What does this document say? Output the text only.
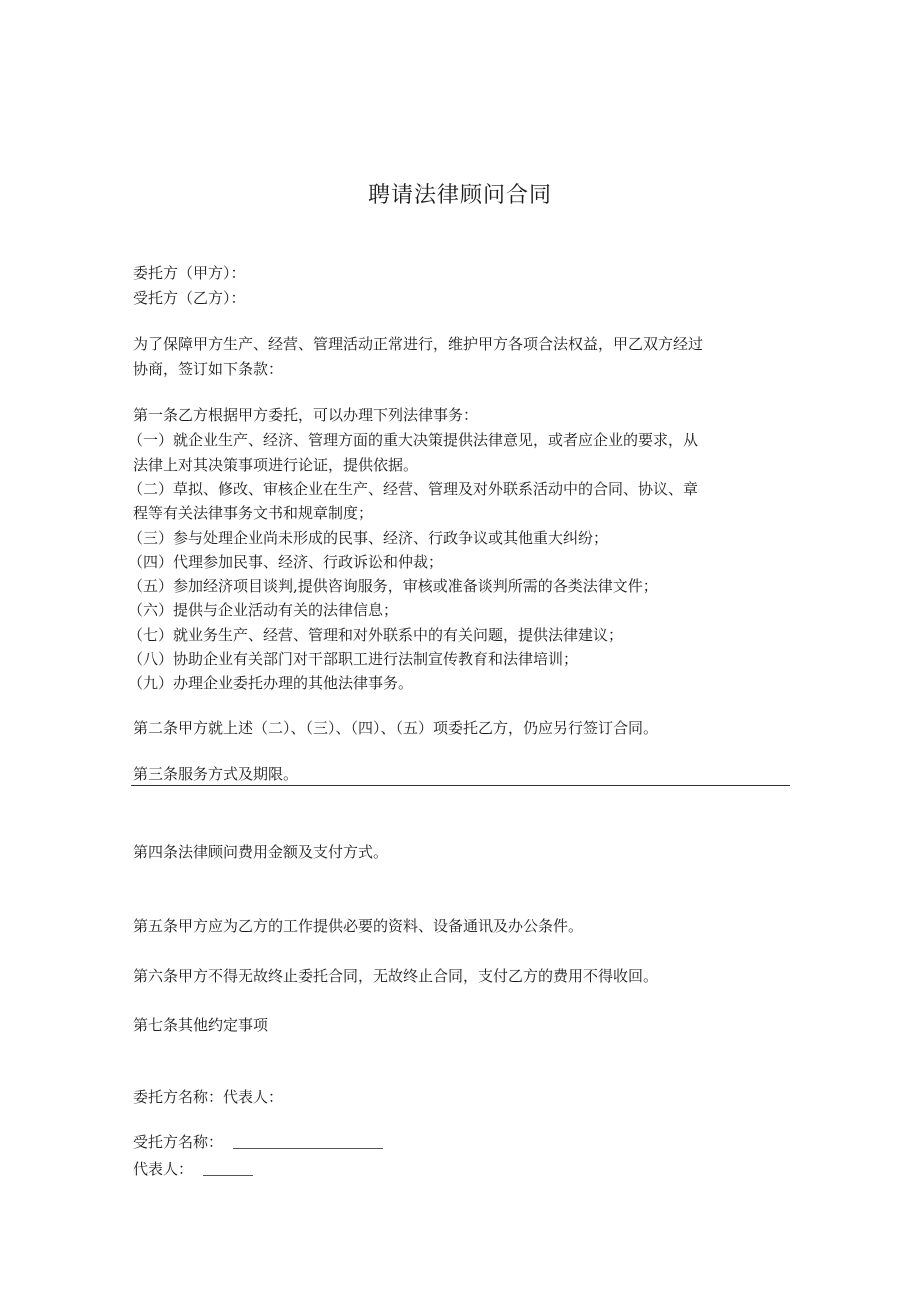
聘请法律顾问合同
委托方（甲方）：
受托方（乙方）：
为了保障甲方生产、经营、管理活动正常进行，维护甲方各项合法权益，甲乙双方经过
协商，签订如下条款：
第一条乙方根据甲方委托，可以办理下列法律事务：
（一）就企业生产、经济、管理方面的重大决策提供法律意见，或者应企业的要求，从
法律上对其决策事项进行论证，提供依据。
（二）草拟、修改、审核企业在生产、经营、管理及对外联系活动中的合同、协议、章
程等有关法律事务文书和规章制度；
（三）参与处理企业尚未形成的民事、经济、行政争议或其他重大纠纷；
（四）代理参加民事、经济、行政诉讼和仲裁；
（五）参加经济项目谈判,提供咨询服务，审核或准备谈判所需的各类法律文件；
（六）提供与企业活动有关的法律信息；
（七）就业务生产、经营、管理和对外联系中的有关问题，提供法律建议；
（八）协助企业有关部门对干部职工进行法制宣传教育和法律培训；
（九）办理企业委托办理的其他法律事务。
第二条甲方就上述（二）、（三）、（四）、（五）项委托乙方，仍应另行签订合同。
第三条服务方式及期限。
第四条法律顾问费用金额及支付方式。
第五条甲方应为乙方的工作提供必要的资料、设备通讯及办公条件。
第六条甲方不得无故终止委托合同，无故终止合同，支付乙方的费用不得收回。
第七条其他约定事项
委托方名称：代表人：
受托方名称：
代表人：
